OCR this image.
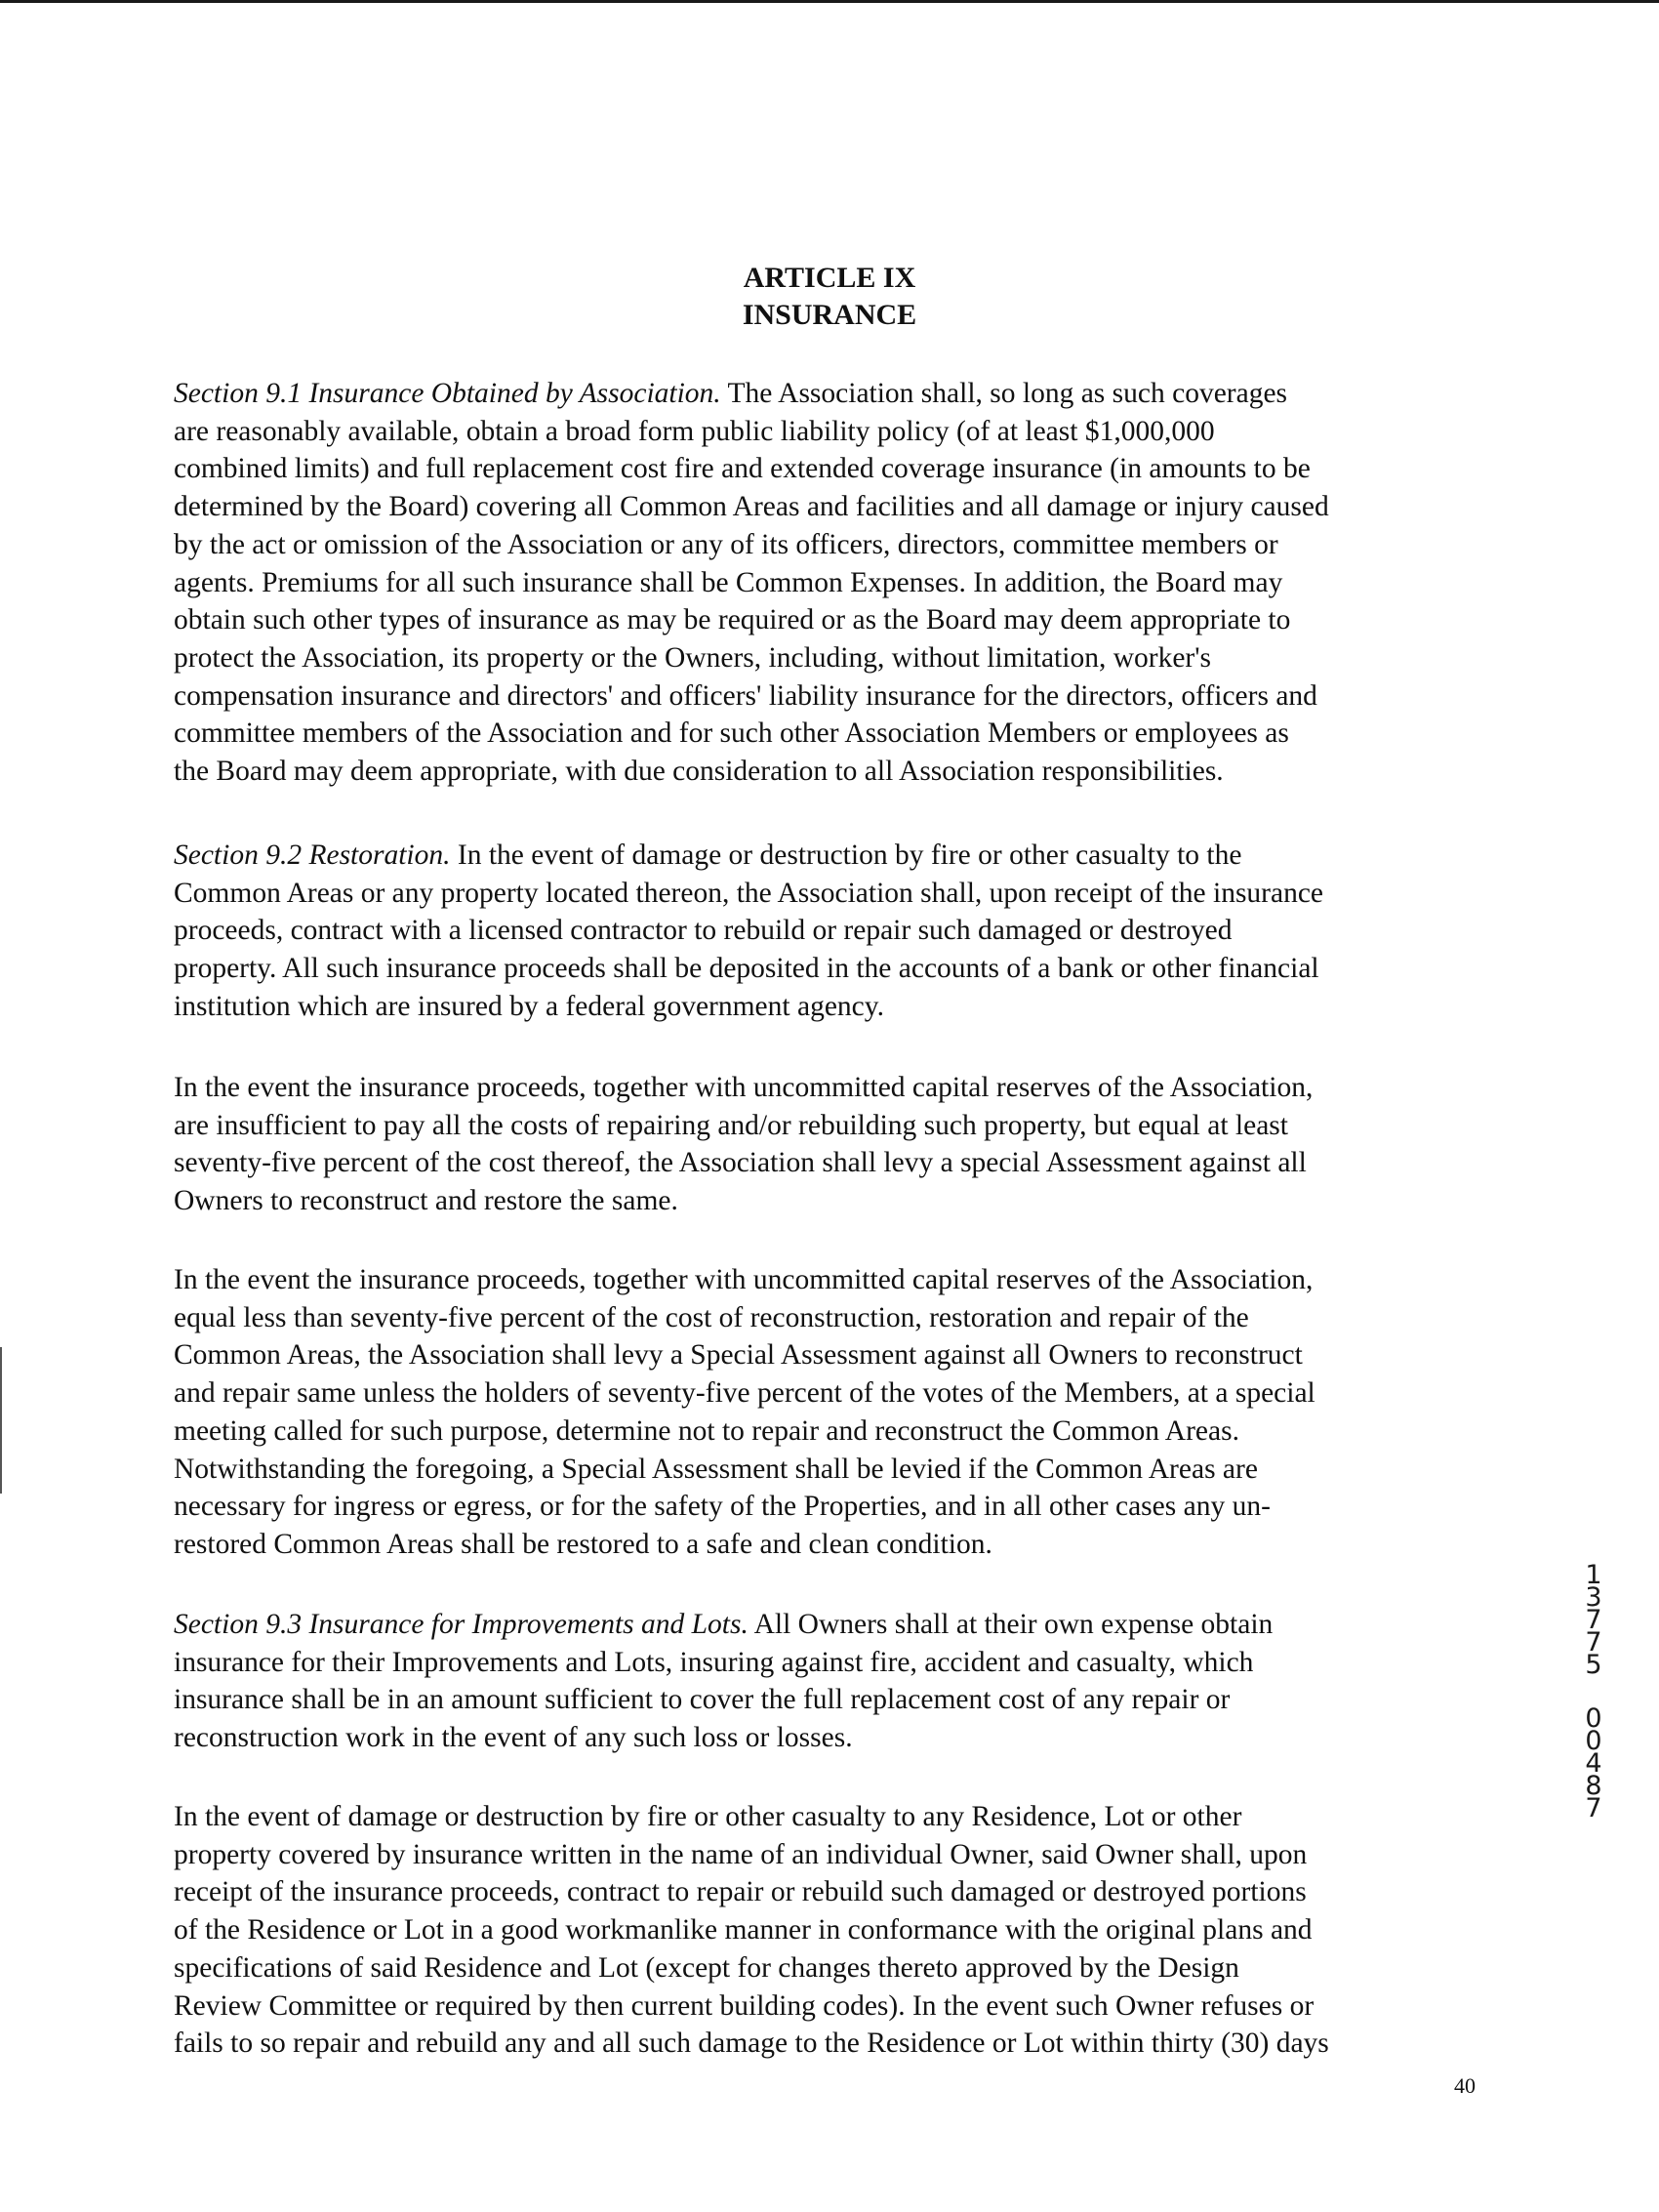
ARTICLE IX
INSURANCE
Section 9.1 Insurance Obtained by Association. The Association shall, so long as such coverages
are reasonably available, obtain a broad form public liability policy (of at least $1,000,000
combined limits) and full replacement cost fire and extended coverage insurance (in amounts to be
determined by the Board) covering all Common Areas and facilities and all damage or injury caused
by the act or omission of the Association or any of its officers, directors, committee members or
agents. Premiums for all such insurance shall be Common Expenses. In addition, the Board may
obtain such other types of insurance as may be required or as the Board may deem appropriate to
protect the Association, its property or the Owners, including, without limitation, worker's
compensation insurance and directors' and officers' liability insurance for the directors, officers and
committee members of the Association and for such other Association Members or employees as
the Board may deem appropriate, with due consideration to all Association responsibilities.
Section 9.2 Restoration. In the event of damage or destruction by fire or other casualty to the
Common Areas or any property located thereon, the Association shall, upon receipt of the insurance
proceeds, contract with a licensed contractor to rebuild or repair such damaged or destroyed
property. All such insurance proceeds shall be deposited in the accounts of a bank or other financial
institution which are insured by a federal government agency.
In the event the insurance proceeds, together with uncommitted capital reserves of the Association,
are insufficient to pay all the costs of repairing and/or rebuilding such property, but equal at least
seventy-five percent of the cost thereof, the Association shall levy a special Assessment against all
Owners to reconstruct and restore the same.
In the event the insurance proceeds, together with uncommitted capital reserves of the Association,
equal less than seventy-five percent of the cost of reconstruction, restoration and repair of the
Common Areas, the Association shall levy a Special Assessment against all Owners to reconstruct
and repair same unless the holders of seventy-five percent of the votes of the Members, at a special
meeting called for such purpose, determine not to repair and reconstruct the Common Areas.
Notwithstanding the foregoing, a Special Assessment shall be levied if the Common Areas are
necessary for ingress or egress, or for the safety of the Properties, and in all other cases any un-
restored Common Areas shall be restored to a safe and clean condition.
Section 9.3 Insurance for Improvements and Lots. All Owners shall at their own expense obtain
insurance for their Improvements and Lots, insuring against fire, accident and casualty, which
insurance shall be in an amount sufficient to cover the full replacement cost of any repair or
reconstruction work in the event of any such loss or losses.
In the event of damage or destruction by fire or other casualty to any Residence, Lot or other
property covered by insurance written in the name of an individual Owner, said Owner shall, upon
receipt of the insurance proceeds, contract to repair or rebuild such damaged or destroyed portions
of the Residence or Lot in a good workmanlike manner in conformance with the original plans and
specifications of said Residence and Lot (except for changes thereto approved by the Design
Review Committee or required by then current building codes). In the event such Owner refuses or
fails to so repair and rebuild any and all such damage to the Residence or Lot within thirty (30) days
1
3
7
7
5
0
0
4
8
7
40
